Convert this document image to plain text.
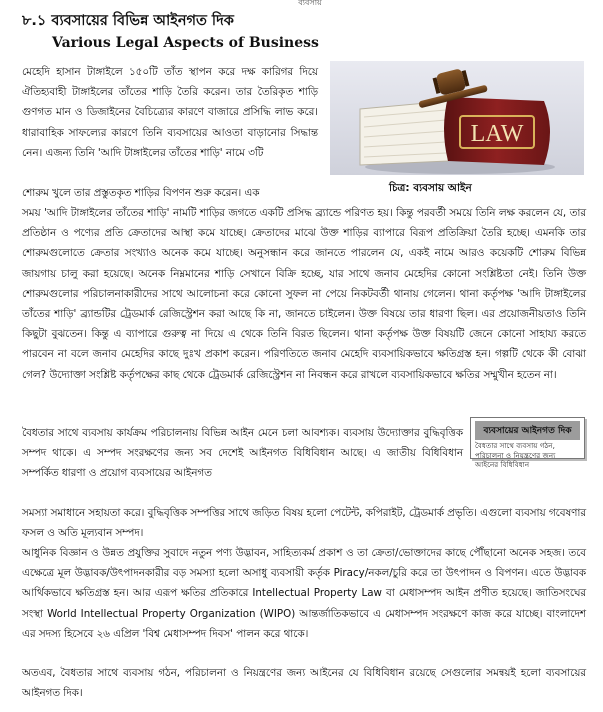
ব্যবসায়
৮.১ ব্যবসায়ের বিভিন্ন আইনগত দিক
Various Legal Aspects of Business

মেহেদি হাসান টাঙ্গাইলে ১৫০টি তাঁত স্থাপন করে দক্ষ কারিগর দিয়ে ঐতিহ্যবাহী টাঙ্গাইলের তাঁতের শাড়ি তৈরি করেন। তার তৈরিকৃত শাড়ি গুণগত মান ও ডিজাইনের বৈচিত্র্যের কারণে বাজারে প্রসিদ্ধি লাভ করে। ধারাবাহিক সাফল্যের কারণে তিনি ব্যবসায়ের আওতা বাড়ানোর সিদ্ধান্ত নেন। এজন্য তিনি 'আদি টাঙ্গাইলের তাঁতের শাড়ি' নামে ৩টি

LAW
চিত্র: ব্যবসায় আইন

শোরুম খুলে তার প্রস্তুতকৃত শাড়ির বিপণন শুরু করেন। এক

সময় 'আদি টাঙ্গাইলের তাঁতের শাড়ি' নামটি শাড়ির জগতে একটি প্রসিদ্ধ ব্র্যান্ডে পরিণত হয়। কিন্তু পরবর্তী সময়ে তিনি লক্ষ করলেন যে, তার প্রতিষ্ঠান ও পণ্যের প্রতি ক্রেতাদের আস্থা কমে যাচ্ছে। ক্রেতাদের মাঝে উক্ত শাড়ির ব্যাপারে বিরূপ প্রতিক্রিয়া তৈরি হচ্ছে। এমনকি তার শোরুমগুলোতে ক্রেতার সংখ্যাও অনেক কমে যাচ্ছে। অনুসন্ধান করে জানতে পারলেন যে, একই নামে আরও কয়েকটি শোরুম বিভিন্ন জায়গায় চালু করা হয়েছে। অনেক নিম্নমানের শাড়ি সেখানে বিক্রি হচ্ছে, যার সাথে জনাব মেহেদির কোনো সংশ্লিষ্টতা নেই। তিনি উক্ত শোরুমগুলোর পরিচালনাকারীদের সাথে আলোচনা করে কোনো সুফল না পেয়ে নিকটবর্তী থানায় গেলেন। থানা কর্তৃপক্ষ 'আদি টাঙ্গাইলের তাঁতের শাড়ি' ব্র্যান্ডটির ট্রেডমার্ক রেজিস্ট্রেশন করা আছে কি না, জানতে চাইলেন। উক্ত বিষয়ে তার ধারণা ছিল। এর প্রয়োজনীয়তাও তিনি কিছুটা বুঝতেন। কিন্তু এ ব্যাপারে গুরুত্ব না দিয়ে এ থেকে তিনি বিরত ছিলেন। থানা কর্তৃপক্ষ উক্ত বিষয়টি জেনে কোনো সাহায্য করতে পারবেন না বলে জনাব মেহেদির কাছে দুঃখ প্রকাশ করেন। পরিণতিতে জনাব মেহেদি ব্যবসায়িকভাবে ক্ষতিগ্রস্ত হন। গল্পটি থেকে কী বোঝা গেল? উদ্যোক্তা সংশ্লিষ্ট কর্তৃপক্ষের কাছ থেকে ট্রেডমার্ক রেজিস্ট্রেশন না নিবন্ধন করে রাখলে ব্যবসায়িকভাবে ক্ষতির সম্মুখীন হতেন না।

বৈধতার সাথে ব্যবসায় কার্যক্রম পরিচালনায় বিভিন্ন আইন মেনে চলা আবশ্যক। ব্যবসায় উদ্যোক্তার বুদ্ধিবৃত্তিক সম্পদ থাকে। এ সম্পদ সংরক্ষণের জন্য সব দেশেই আইনগত বিধিবিধান আছে। এ জাতীয় বিধিবিধান সম্পর্কিত ধারণা ও প্রয়োগ ব্যবসায়ের আইনগত

ব্যবসায়ের আইনগত দিক
বৈধতার সাথে ব্যবসায় গঠন, পরিচালনা ও নিয়ন্ত্রণের জন্য আইনের বিধিবিধান

সমস্যা সমাধানে সহায়তা করে। বুদ্ধিবৃত্তিক সম্পত্তির সাথে জড়িত বিষয় হলো পেটেন্ট, কপিরাইট, ট্রেডমার্ক প্রভৃতি। এগুলো ব্যবসায় গবেষণার ফসল ও অতি মূল্যবান সম্পদ।

আধুনিক বিজ্ঞান ও উন্নত প্রযুক্তির সুবাদে নতুন পণ্য উদ্ভাবন, সাহিত্যকর্ম প্রকাশ ও তা ক্রেতা/ভোক্তাদের কাছে পৌঁছানো অনেক সহজ। তবে এক্ষেত্রে মূল উদ্ভাবক/উৎপাদনকারীর বড় সমস্যা হলো অসাধু ব্যবসায়ী কর্তৃক Piracy/নকল/চুরি করে তা উৎপাদন ও বিপণন। এতে উদ্ভাবক আর্থিকভাবে ক্ষতিগ্রস্ত হন। আর এরূপ ক্ষতির প্রতিকারে Intellectual Property Law বা মেধাসম্পদ আইন প্রণীত হয়েছে। জাতিসংঘের সংস্থা World Intellectual Property Organization (WIPO) আন্তর্জাতিকভাবে এ মেধাসম্পদ সংরক্ষণে কাজ করে যাচ্ছে। বাংলাদেশ এর সদস্য হিসেবে ২৬ এপ্রিল 'বিশ্ব মেধাসম্পদ দিবস' পালন করে থাকে।

অতএব, বৈধতার সাথে ব্যবসায় গঠন, পরিচালনা ও নিয়ন্ত্রণের জন্য আইনের যে বিধিবিধান রয়েছে সেগুলোর সমন্বয়ই হলো ব্যবসায়ের আইনগত দিক।
